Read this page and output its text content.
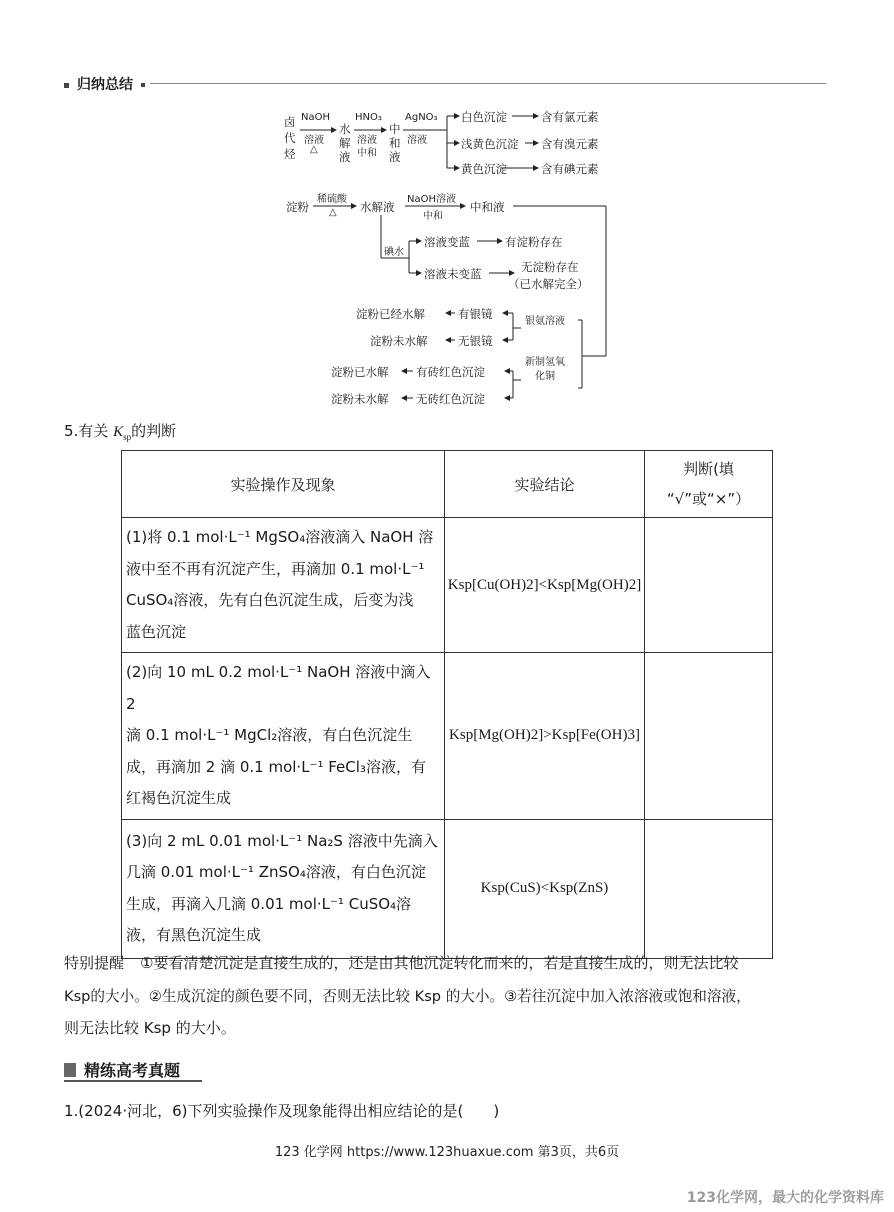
归纳总结
卤
代
烃
NaOH
溶液
△
水
解
液
HNO₃
溶液
中和
中
和
液
AgNO₃
溶液
白色沉淀	含有氯元素
浅黄色沉淀 含有溴元素
黄色沉淀	含有碘元素
淀粉
稀硫酸
△ 水解液
NaOH溶液
中和
中和液
碘水
溶液变蓝	有淀粉存在
溶液未变蓝	无淀粉存在
（已水解完全）
银氨溶液
有银镜
淀粉已经水解
无银镜
淀粉未水解
新制氢氧
化铜
有砖红色沉淀
淀粉已水解
无砖红色沉淀
淀粉未水解
5.有关 $K_{sp}$的判断
实验操作及现象	实验结论	判断(填
“√”或“×”）

(1)将 0.1 mol·L⁻¹ MgSO₄溶液滴入 NaOH 溶
液中至不再有沉淀产生，再滴加 0.1 mol·L⁻¹
CuSO₄溶液，先有白色沉淀生成，后变为浅
蓝色沉淀	Ksp[Cu(OH)2]<Ksp[Mg(OH)2]	

(2)向 10 mL 0.2 mol·L⁻¹ NaOH 溶液中滴入 2
滴 0.1 mol·L⁻¹ MgCl₂溶液，有白色沉淀生
成，再滴加 2 滴 0.1 mol·L⁻¹ FeCl₃溶液，有
红褐色沉淀生成	Ksp[Mg(OH)2]>Ksp[Fe(OH)3]	

(3)向 2 mL 0.01 mol·L⁻¹ Na₂S 溶液中先滴入
几滴 0.01 mol·L⁻¹ ZnSO₄溶液，有白色沉淀
生成，再滴入几滴 0.01 mol·L⁻¹ CuSO₄溶
液，有黑色沉淀生成	Ksp(CuS)<Ksp(ZnS)	
特别提醒 ①要看清楚沉淀是直接生成的，还是由其他沉淀转化而来的，若是直接生成的，则无法比较
Ksp的大小。②生成沉淀的颜色要不同，否则无法比较 Ksp 的大小。③若往沉淀中加入浓溶液或饱和溶液，
则无法比较 Ksp 的大小。
精练高考真题
1.(2024·河北，6)下列实验操作及现象能得出相应结论的是(　　)
123 化学网 https://www.123huaxue.com 第3页，共6页
123化学网，最大的化学资料库
